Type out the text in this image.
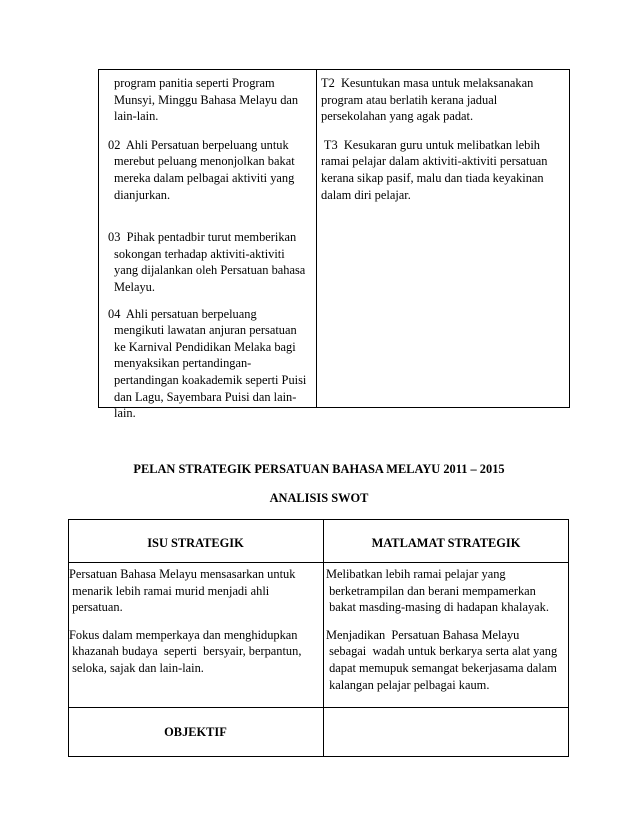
program panitia seperti Program
Munsyi, Minggu Bahasa Melayu dan
lain-lain.
02  Ahli Persatuan berpeluang untuk
merebut peluang menonjolkan bakat
mereka dalam pelbagai aktiviti yang
dianjurkan.
03  Pihak pentadbir turut memberikan
sokongan terhadap aktiviti-aktiviti
yang dijalankan oleh Persatuan bahasa
Melayu.
04  Ahli persatuan berpeluang
mengikuti lawatan anjuran persatuan
ke Karnival Pendidikan Melaka bagi
menyaksikan pertandingan-
pertandingan koakademik seperti Puisi
dan Lagu, Sayembara Puisi dan lain-
lain.
T2  Kesuntukan masa untuk melaksanakan
program atau berlatih kerana jadual
persekolahan yang agak padat.
T3  Kesukaran guru untuk melibatkan lebih
ramai pelajar dalam aktiviti-aktiviti persatuan
kerana sikap pasif, malu dan tiada keyakinan
dalam diri pelajar.
PELAN STRATEGIK PERSATUAN BAHASA MELAYU 2011 – 2015
ANALISIS SWOT
ISU STRATEGIK	MATLAMAT STRATEGIK
Persatuan Bahasa Melayu mensasarkan untuk
menarik lebih ramai murid menjadi ahli
persatuan.
Fokus dalam memperkaya dan menghidupkan
khazanah budaya  seperti  bersyair, berpantun,
seloka, sajak dan lain-lain.
Melibatkan lebih ramai pelajar yang
berketrampilan dan berani mempamerkan
bakat masding-masing di hadapan khalayak.
Menjadikan  Persatuan Bahasa Melayu
sebagai  wadah untuk berkarya serta alat yang
dapat memupuk semangat bekerjasama dalam
kalangan pelajar pelbagai kaum.
OBJEKTIF
